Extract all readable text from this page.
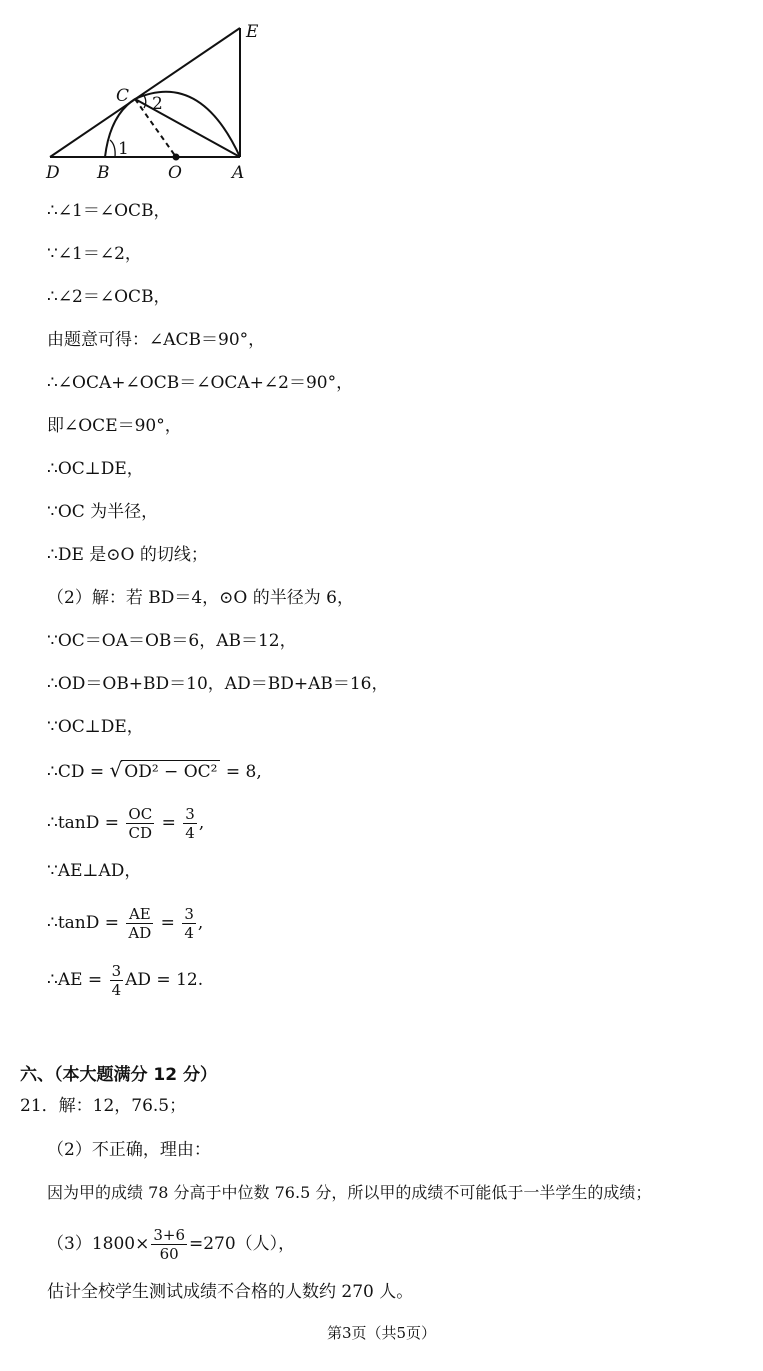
E
C 2
1
D B	O	A
∴∠1＝∠OCB，
∵∠1＝∠2，
∴∠2＝∠OCB，
由题意可得：∠ACB＝90°，
∴∠OCA+∠OCB＝∠OCA+∠2＝90°，
即∠OCE＝90°，
∴OC⊥DE，
∵OC 为半径，
∴DE 是⊙O 的切线；
（2）解：若 BD＝4，⊙O 的半径为 6，
∵OC＝OA＝OB＝6，AB＝12，
∴OD＝OB+BD＝10，AD＝BD+AB＝16，
∵OC⊥DE，
∴CD = √ OD² − OC² = 8,
∴tanD = $\frac{OC}{CD} = \frac{3}{4}$ ,
∵AE⊥AD，
∴tanD = $\frac{AE}{AD} = \frac{3}{4}$ ,
∴AE = $\frac{3}{4}$ AD = 12.
六、（本大题满分 12 分）
21．解：12，76.5；
（2）不正确，理由：
因为甲的成绩 78 分高于中位数 76.5 分，所以甲的成绩不可能低于一半学生的成绩；
$(3)1800\times \frac{3+6}{60} =270$（人），
估计全校学生测试成绩不合格的人数约 270 人。
第3页（共5页）
